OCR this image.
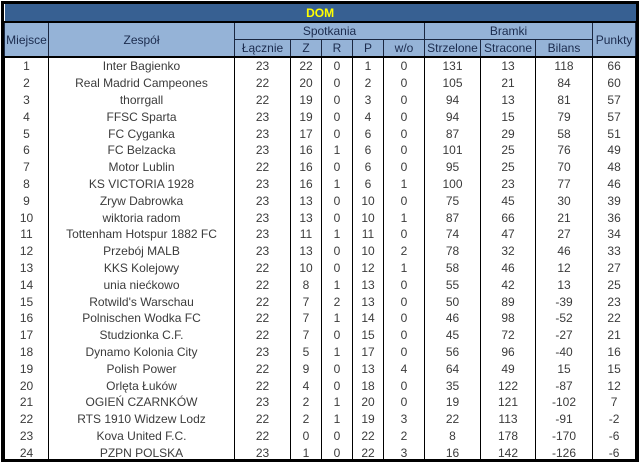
DOM										
Miejsce	Zespół	Spotkania					Bramki			Punkty
		Łącznie	Z	R	P	w/o	Strzelone	Stracone	Bilans	
1	Inter Bagienko	23	22	0	1	0	131	13	118	66
2	Real Madrid Campeones	22	20	0	2	0	105	21	84	60
3	thorrgall	22	19	0	3	0	94	13	81	57
4	FFSC Sparta	23	19	0	4	0	94	15	79	57
5	FC Cyganka	23	17	0	6	0	87	29	58	51
6	FC Belzacka	23	16	1	6	0	101	25	76	49
7	Motor Lublin	22	16	0	6	0	95	25	70	48
8	KS VICTORIA 1928	23	16	1	6	1	100	23	77	46
9	Zryw Dabrowka	23	13	0	10	0	75	45	30	39
10	wiktoria radom	23	13	0	10	1	87	66	21	36
11	Tottenham Hotspur 1882 FC	23	11	1	11	0	74	47	27	34
12	Przebój MALB	23	13	0	10	2	78	32	46	33
13	KKS Kolejowy	22	10	0	12	1	58	46	12	27
14	unia niećkowo	22	8	1	13	0	55	42	13	25
15	Rotwild's Warschau	22	7	2	13	0	50	89	-39	23
16	Polnischen Wodka FC	22	7	1	14	0	46	98	-52	22
17	Studzionka C.F.	22	7	0	15	0	45	72	-27	21
18	Dynamo Kolonia City	23	5	1	17	0	56	96	-40	16
19	Polish Power	22	9	0	13	4	64	49	15	15
20	Orlęta Łuków	22	4	0	18	0	35	122	-87	12
21	OGIEŃ CZARNKÓW	23	2	1	20	0	19	121	-102	7
22	RTS 1910 Widzew Lodz	22	2	1	19	3	22	113	-91	-2
23	Kova United F.C.	22	0	0	22	2	8	178	-170	-6
24	PZPN POLSKA	23	1	0	22	3	16	142	-126	-6
